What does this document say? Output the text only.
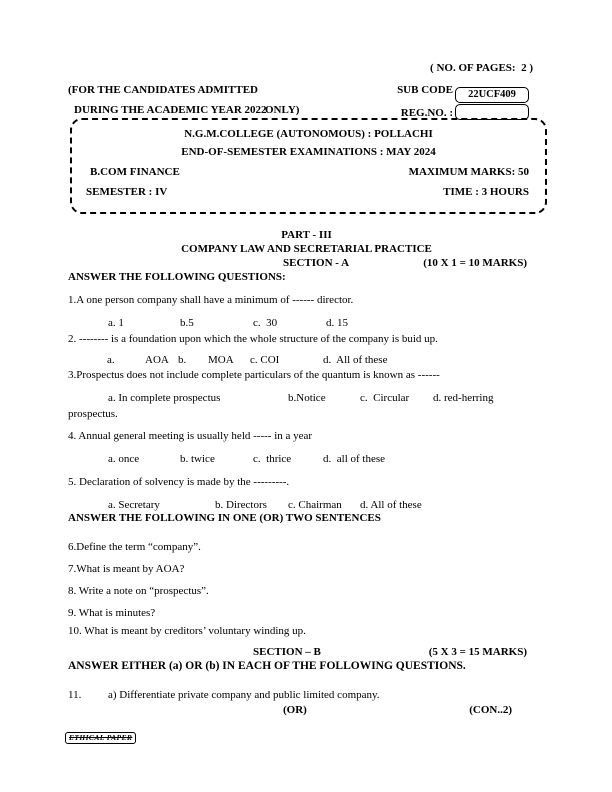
( NO. OF PAGES:  2 )
(FOR THE CANDIDATES ADMITTED	SUB CODE 22UCF409
DURING THE ACADEMIC YEAR 2022
ONLY)	REG.NO. :
N.G.M.COLLEGE (AUTONOMOUS) : POLLACHI
END-OF-SEMESTER EXAMINATIONS : MAY 2024
B.COM FINANCE	MAXIMUM MARKS: 50
SEMESTER : IV	TIME : 3 HOURS
PART - III
COMPANY LAW AND SECRETARIAL PRACTICE
SECTION - A	(10 X 1 = 10 MARKS)
ANSWER THE FOLLOWING QUESTIONS:
1.A one person company shall have a minimum of ------ director.
a. 1	b.5	c.  30	d. 15
2. -------- is a foundation upon which the whole structure of the company is buid up.
a.	AOA b. MOA c. COI	d.  All of these
3.Prospectus does not include complete particulars of the quantum is known as ------
a. In complete prospectus	b.Notice	c.  Circular d. red-herring
prospectus.
4. Annual general meeting is usually held ----- in a year
a. once	b. twice	c.  thrice	d.  all of these
5. Declaration of solvency is made by the ---------.
a. Secretary	b. Directors c. Chairman d. All of these
ANSWER THE FOLLOWING IN ONE (OR) TWO SENTENCES
6.Define the term “company”.
7.What is meant by AOA?
8. Write a note on “prospectus”.
9. What is minutes?
10. What is meant by creditors’ voluntary winding up.
SECTION – B	(5 X 3 = 15 MARKS)
ANSWER EITHER (a) OR (b) IN EACH OF THE FOLLOWING QUESTIONS.
11. a) Differentiate private company and public limited company.
(OR)	(CON..2)
ETHICAL PAPER
